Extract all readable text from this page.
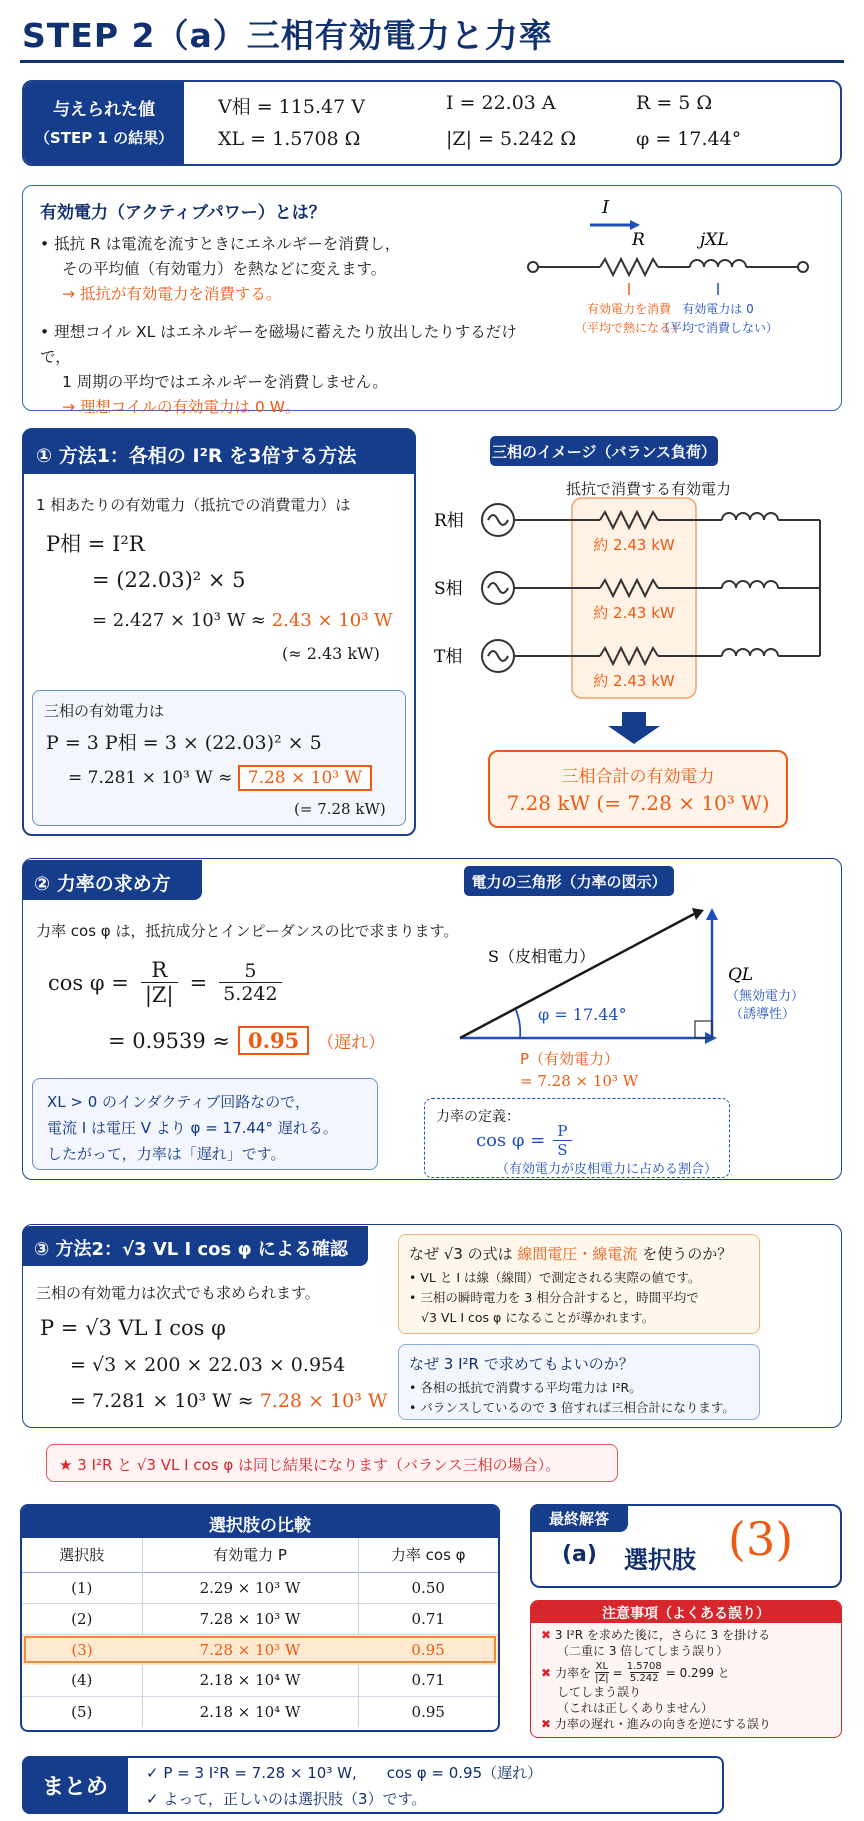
STEP 2（a）三相有効電力と力率
与えられた値
（STEP 1 の結果）
V相 = 115.47 V	I = 22.03 A	R = 5 Ω
XL = 1.5708 Ω	|Z| = 5.242 Ω	φ = 17.44°
有効電力（アクティブパワー）とは？
• 抵抗 R は電流を流すときにエネルギーを消費し，
その平均値（有効電力）を熱などに変えます。
→ 抵抗が有効電力を消費する。
• 理想コイル XL はエネルギーを磁場に蓄えたり放出したりするだけで，
1 周期の平均ではエネルギーを消費しません。
→ 理想コイルの有効電力は 0 W。
I
R	jXL
有効電力を消費
（平均で熱になる）
有効電力は 0
（平均で消費しない）
① 方法1：各相の I²R を3倍する方法
1 相あたりの有効電力（抵抗での消費電力）は
P相 = I²R
= (22.03)² × 5
= 2.427 × 10³ W ≈ 2.43 × 10³ W
(≈ 2.43 kW)
三相の有効電力は
P = 3 P相 = 3 × (22.03)² × 5
= 7.281 × 10³ W ≈ 7.28 × 10³ W
(= 7.28 kW)
三相のイメージ（バランス負荷）
抵抗で消費する有効電力
R相
S相
T相
約 2.43 kW
約 2.43 kW
約 2.43 kW
三相合計の有効電力
7.28 kW (= 7.28 × 10³ W)
② 力率の求め方
力率 cos φ は，抵抗成分とインピーダンスの比で求まります。
$\cos \varphi = \frac{R}{|Z|} = \frac{5}{5.242}$
= 0.9539 ≈ 0.95	（遅れ）
XL > 0 のインダクティブ回路なので，
電流 I は電圧 V より φ = 17.44° 遅れる。
したがって，力率は「遅れ」です。
電力の三角形（力率の図示）
S（皮相電力）
φ = 17.44°
QL
（無効電力）
（誘導性）
P（有効電力）
= 7.28 × 10³ W
力率の定義：
$\cos \varphi = \frac{P}{S}$
（有効電力が皮相電力に占める割合）
③ 方法2：√3 VL I cos φ による確認
三相の有効電力は次式でも求められます。
P = √3 VL I cos φ
= √3 × 200 × 22.03 × 0.954
= 7.281 × 10³ W ≈ 7.28 × 10³ W
なぜ √3 の式は 線間電圧・線電流 を使うのか？
• VL と I は線（線間）で測定される実際の値です。
• 三相の瞬時電力を 3 相分合計すると，時間平均で
√3 VL I cos φ になることが導かれます。
なぜ 3 I²R で求めてもよいのか？
• 各相の抵抗で消費する平均電力は I²R。
• バランスしているので 3 倍すれば三相合計になります。
★ 3 I²R と √3 VL I cos φ は同じ結果になります（バランス三相の場合）。
選択肢の比較
選択肢	有効電力 P	力率 cos φ
(1)	2.29 × 10³ W	0.50
(2)	7.28 × 10³ W	0.71
(3)	7.28 × 10³ W	0.95
(4)	2.18 × 10⁴ W	0.71
(5)	2.18 × 10⁴ W	0.95
最終解答
(a) 選択肢 (3)
注意事項（よくある誤り）
✖ 3 I²R を求めた後に，さらに 3 を掛ける
（二重に 3 倍してしまう誤り）
✖ 力率を $\frac{XL}{|Z|} = \frac{1.5708}{5.242} = 0.299$ と
してしまう誤り
（これは正しくありません）
✖ 力率の遅れ・進みの向きを逆にする誤り
まとめ
✓ P = 3 I²R = 7.28 × 10³ W,　　cos φ = 0.95（遅れ）
✓ よって，正しいのは選択肢（3）です。
